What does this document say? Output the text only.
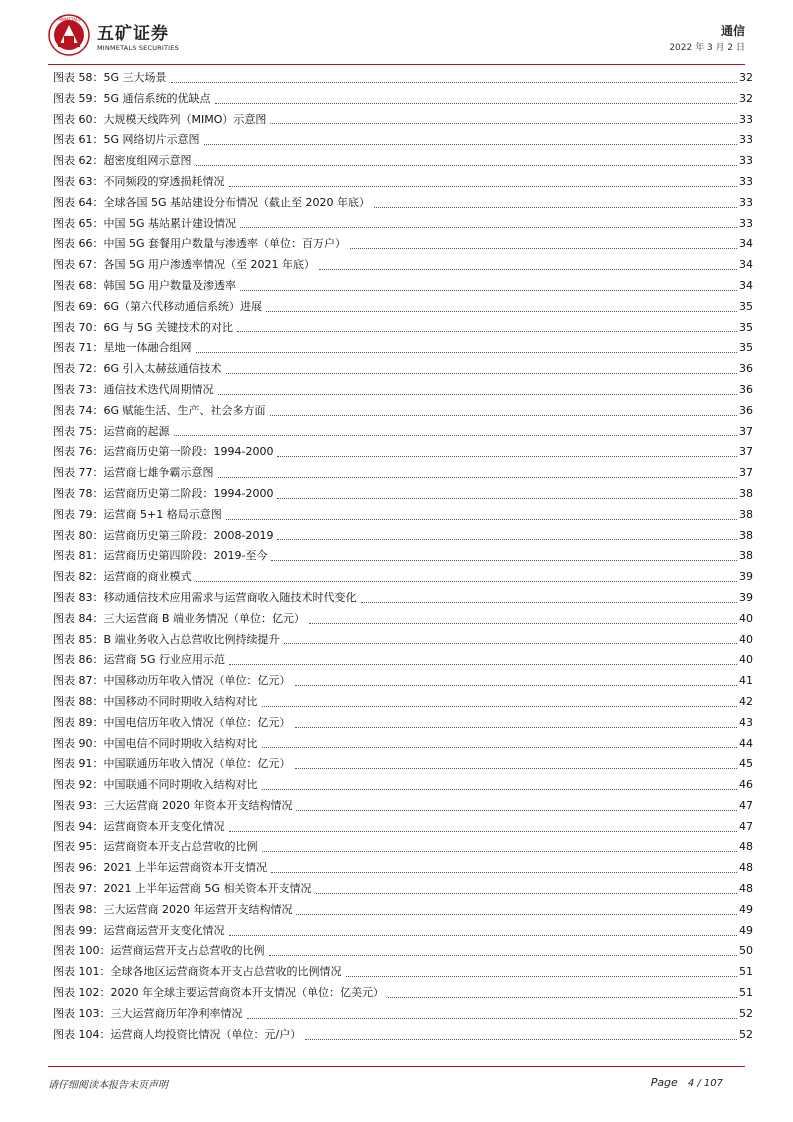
MINMETALS
五矿证券
MINMETALS SECURITIES
通信
2022 年 3 月 2 日
图表 58：5G 三大场景	32
图表 59：5G 通信系统的优缺点	32
图表 60：大规模天线阵列（MIMO）示意图	33
图表 61：5G 网络切片示意图	33
图表 62：超密度组网示意图	33
图表 63：不同频段的穿透损耗情况	33
图表 64：全球各国 5G 基站建设分布情况（截止至 2020 年底）	33
图表 65：中国 5G 基站累计建设情况	33
图表 66：中国 5G 套餐用户数量与渗透率（单位：百万户）	34
图表 67：各国 5G 用户渗透率情况（至 2021 年底）	34
图表 68：韩国 5G 用户数量及渗透率	34
图表 69：6G（第六代移动通信系统）进展	35
图表 70：6G 与 5G 关键技术的对比	35
图表 71：星地一体融合组网	35
图表 72：6G 引入太赫兹通信技术	36
图表 73：通信技术迭代周期情况	36
图表 74：6G 赋能生活、生产、社会多方面	36
图表 75：运营商的起源	37
图表 76：运营商历史第一阶段：1994-2000	37
图表 77：运营商七雄争霸示意图	37
图表 78：运营商历史第二阶段：1994-2000	38
图表 79：运营商 5+1 格局示意图	38
图表 80：运营商历史第三阶段：2008-2019	38
图表 81：运营商历史第四阶段：2019-至今	38
图表 82：运营商的商业模式	39
图表 83：移动通信技术应用需求与运营商收入随技术时代变化	39
图表 84：三大运营商 B 端业务情况（单位：亿元）	40
图表 85：B 端业务收入占总营收比例持续提升	40
图表 86：运营商 5G 行业应用示范	40
图表 87：中国移动历年收入情况（单位：亿元）	41
图表 88：中国移动不同时期收入结构对比	42
图表 89：中国电信历年收入情况（单位：亿元）	43
图表 90：中国电信不同时期收入结构对比	44
图表 91：中国联通历年收入情况（单位：亿元）	45
图表 92：中国联通不同时期收入结构对比	46
图表 93：三大运营商 2020 年资本开支结构情况	47
图表 94：运营商资本开支变化情况	47
图表 95：运营商资本开支占总营收的比例	48
图表 96：2021 上半年运营商资本开支情况	48
图表 97：2021 上半年运营商 5G 相关资本开支情况	48
图表 98：三大运营商 2020 年运营开支结构情况	49
图表 99：运营商运营开支变化情况	49
图表 100：运营商运营开支占总营收的比例	50
图表 101：全球各地区运营商资本开支占总营收的比例情况	51
图表 102：2020 年全球主要运营商资本开支情况（单位：亿美元）	51
图表 103：三大运营商历年净利率情况	52
图表 104：运营商人均投资比情况（单位：元/户）	52
请仔细阅读本报告末页声明	Page 4 / 107
